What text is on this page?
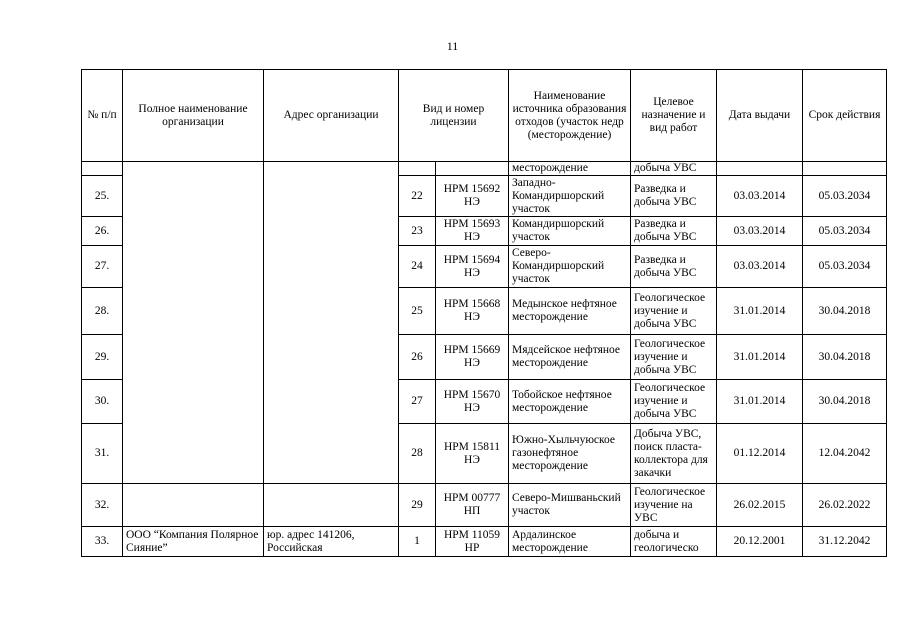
11
№ п/п	Полное наименование организации	Адрес организации	Вид и номер лицензии		Наименование источника образования отходов (участок недр (месторождение)	Целевое назначение и вид работ	Дата выдачи	Срок действия
					месторождение	добыча УВС		
25.			22	НРМ 15692 НЭ	Западно-Командиршорский участок	Разведка и добыча УВС	03.03.2014	05.03.2034
26.			23	НРМ 15693 НЭ	Командиршорский участок	Разведка и добыча УВС	03.03.2014	05.03.2034
27.			24	НРМ 15694 НЭ	Северо-Командиршорский участок	Разведка и добыча УВС	03.03.2014	05.03.2034
28.			25	НРМ 15668 НЭ	Медынское нефтяное месторождение	Геологическое изучение и добыча УВС	31.01.2014	30.04.2018
29.			26	НРМ 15669 НЭ	Мядсейское нефтяное месторождение	Геологическое изучение и добыча УВС	31.01.2014	30.04.2018
30.			27	НРМ 15670 НЭ	Тобойское нефтяное месторождение	Геологическое изучение и добыча УВС	31.01.2014	30.04.2018
31.			28	НРМ 15811 НЭ	Южно-Хыльчуюское газонефтяное месторождение	Добыча УВС, поиск пласта-коллектора для закачки	01.12.2014	12.04.2042
32.			29	НРМ 00777 НП	Северо-Мишваньский участок	Геологическое изучение на УВС	26.02.2015	26.02.2022
33.	ООО “Компания Полярное Сияние”	юр. адрес 141206, Российская	1	НРМ 11059 НР	Ардалинское месторождение	добыча и геологическо	20.12.2001	31.12.2042
